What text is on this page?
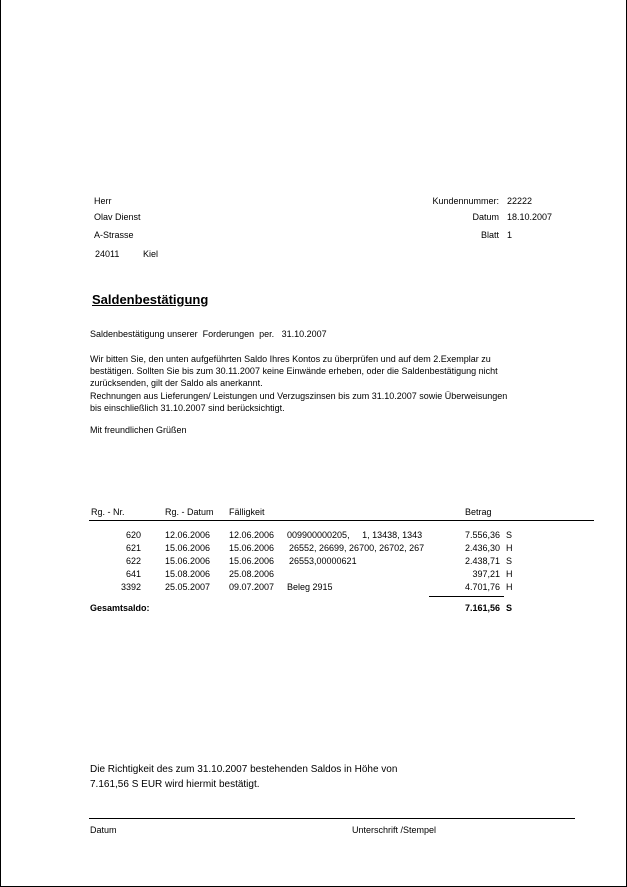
Herr
Olav Dienst
A-Strasse
24011	Kiel
Kundennummer: 22222
Datum 18.10.2007
Blatt 1
Saldenbestätigung
Saldenbestätigung unserer  Forderungen  per.   31.10.2007
Wir bitten Sie, den unten aufgeführten Saldo Ihres Kontos zu überprüfen und auf dem 2.Exemplar zu
bestätigen. Sollten Sie bis zum 30.11.2007 keine Einwände erheben, oder die Saldenbestätigung nicht
zurücksenden, gilt der Saldo als anerkannt.
Rechnungen aus Lieferungen/ Leistungen und Verzugszinsen bis zum 31.10.2007 sowie Überweisungen
bis einschließlich 31.10.2007 sind berücksichtigt.
Mit freundlichen Grüßen
Rg. - Nr.	Rg. - Datum Fälligkeit	Betrag
620	12.06.2006 12.06.2006 009900000205,     1, 13438, 1343	7.556,36 S
621	15.06.2006 15.06.2006 26552, 26699, 26700, 26702, 267	2.436,30 H
622	15.06.2006 15.06.2006 26553,00000621	2.438,71 S
641	15.08.2006 25.08.2006	397,21 H
3392	25.05.2007 09.07.2007 Beleg 2915	4.701,76 H
Gesamtsaldo:	7.161,56 S
Die Richtigkeit des zum 31.10.2007 bestehenden Saldos in Höhe von
7.161,56 S EUR wird hiermit bestätigt.
Datum	Unterschrift /Stempel
